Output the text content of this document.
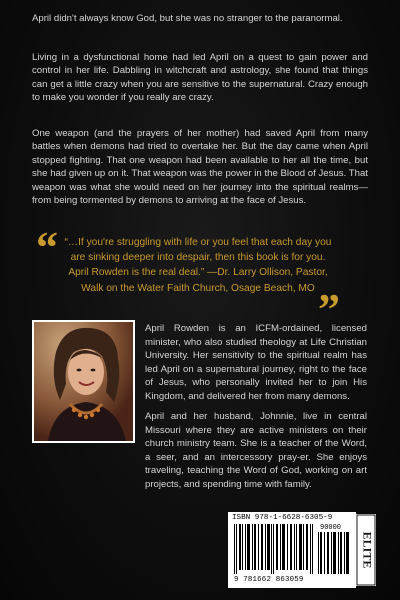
April didn't always know God, but she was no stranger to the paranormal.

Living in a dysfunctional home had led April on a quest to gain power and control in her life. Dabbling in witchcraft and astrology, she found that things can get a little crazy when you are sensitive to the supernatural. Crazy enough to make you wonder if you really are crazy.

One weapon (and the prayers of her mother) had saved April from many battles when demons had tried to overtake her. But the day came when April stopped fighting. That one weapon had been available to her all the time, but she had given up on it. That weapon was the power in the Blood of Jesus. That weapon was what she would need on her journey into the spiritual realms—from being tormented by demons to arriving at the face of Jesus.

“ “…If you're struggling with life or you feel that each day you are sinking deeper into despair, then this book is for you. April Rowden is the real deal.” —Dr. Larry Ollison, Pastor, Walk on the Water Faith Church, Osage Beach, MO ”

April Rowden is an ICFM-ordained, licensed minister, who also studied theology at Life Christian University. Her sensitivity to the spiritual realm has led April on a supernatural journey, right to the face of Jesus, who personally invited her to join His Kingdom, and delivered her from many demons.

April and her husband, Johnnie, live in central Missouri where they are active ministers on their church ministry team. She is a teacher of the Word, a seer, and an intercessory pray-er. She enjoys traveling, teaching the Word of God, working on art projects, and spending time with family.

ISBN 978-1-6628-6305-9
90000
9 781662 863059
ELITE
